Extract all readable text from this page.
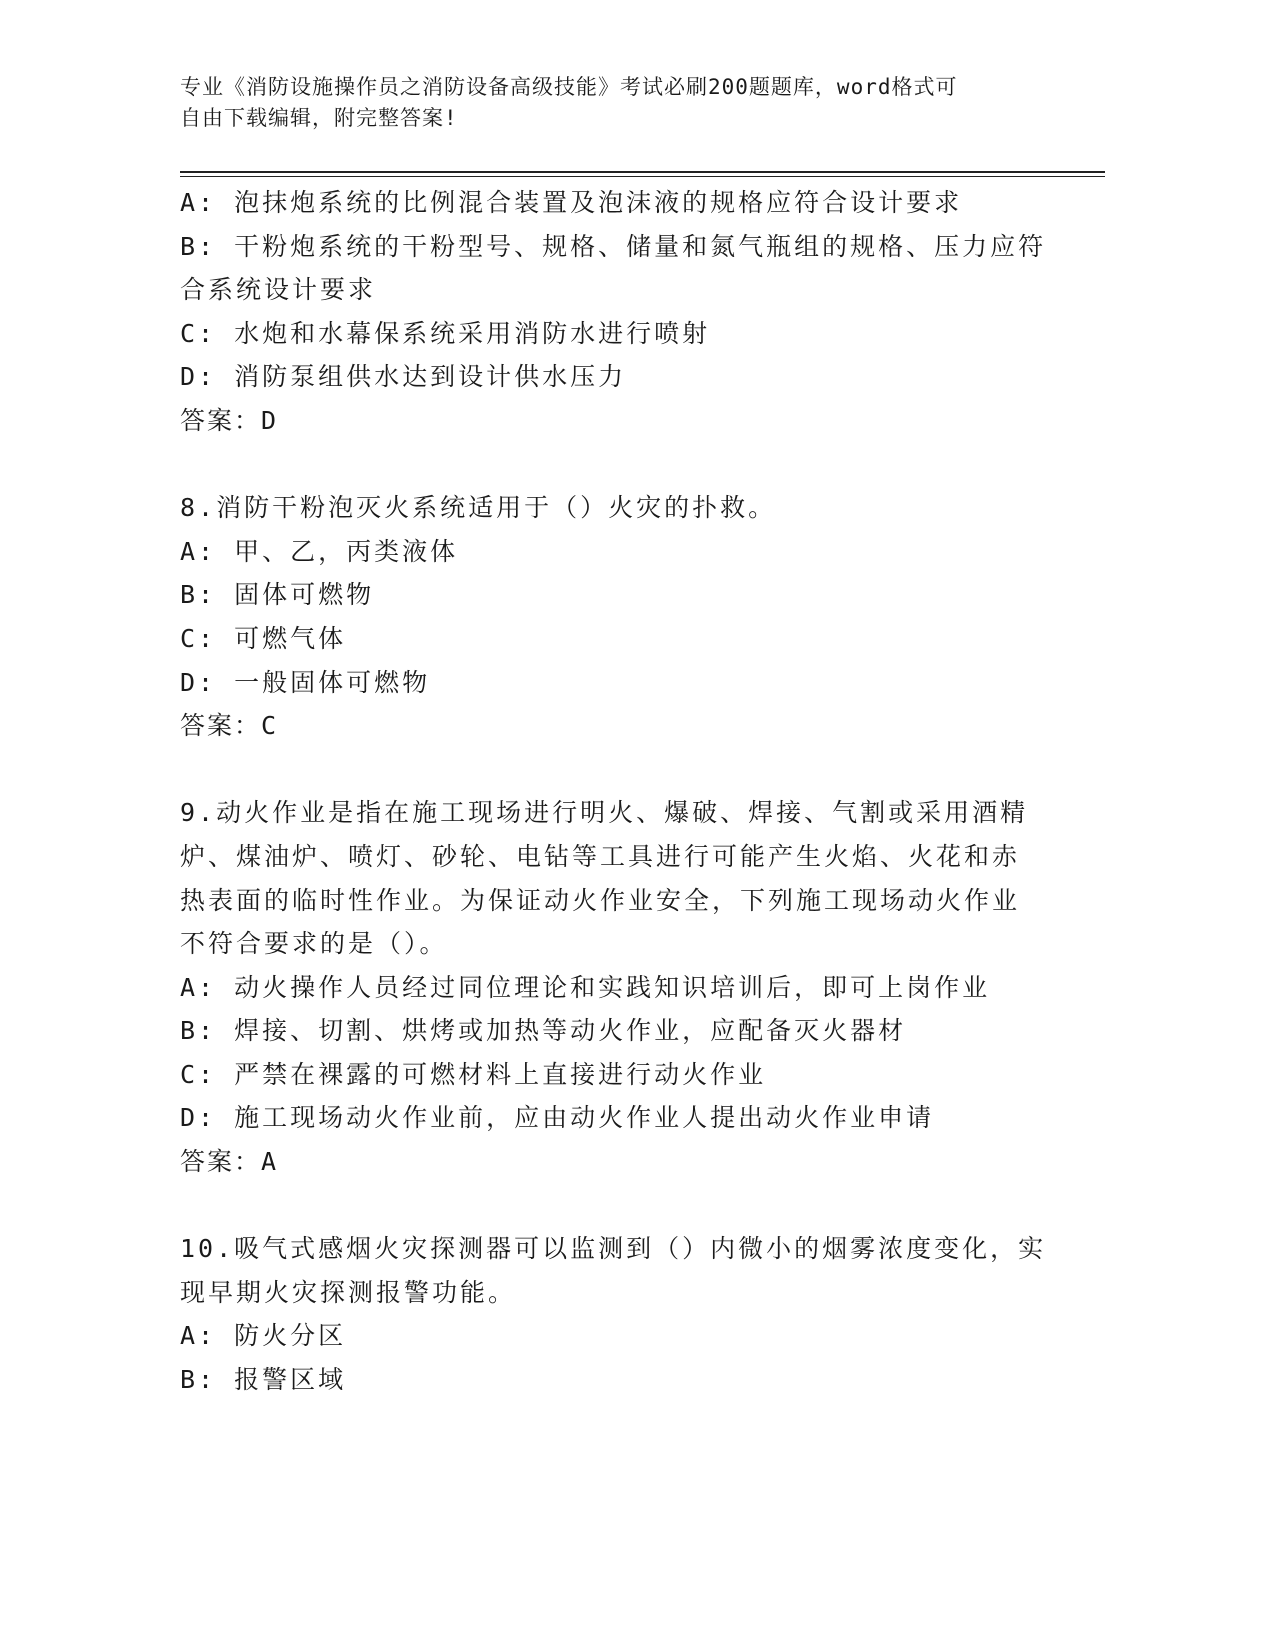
专业《消防设施操作员之消防设备高级技能》考试必刷200题题库，word格式可
自由下载编辑，附完整答案!
A: 泡抹炮系统的比例混合装置及泡沫液的规格应符合设计要求
B: 干粉炮系统的干粉型号、规格、储量和氮气瓶组的规格、压力应符
合系统设计要求
C: 水炮和水幕保系统采用消防水进行喷射
D: 消防泵组供水达到设计供水压力
答案：D
8.消防干粉泡灭火系统适用于（）火灾的扑救。
A: 甲、乙，丙类液体
B: 固体可燃物
C: 可燃气体
D: 一般固体可燃物
答案：C
9.动火作业是指在施工现场进行明火、爆破、焊接、气割或采用酒精
炉、煤油炉、喷灯、砂轮、电钻等工具进行可能产生火焰、火花和赤
热表面的临时性作业。为保证动火作业安全，下列施工现场动火作业
不符合要求的是（）。
A: 动火操作人员经过同位理论和实践知识培训后，即可上岗作业
B: 焊接、切割、烘烤或加热等动火作业，应配备灭火器材
C: 严禁在裸露的可燃材料上直接进行动火作业
D: 施工现场动火作业前，应由动火作业人提出动火作业申请
答案：A
10.吸气式感烟火灾探测器可以监测到（）内微小的烟雾浓度变化，实
现早期火灾探测报警功能。
A: 防火分区
B: 报警区域
